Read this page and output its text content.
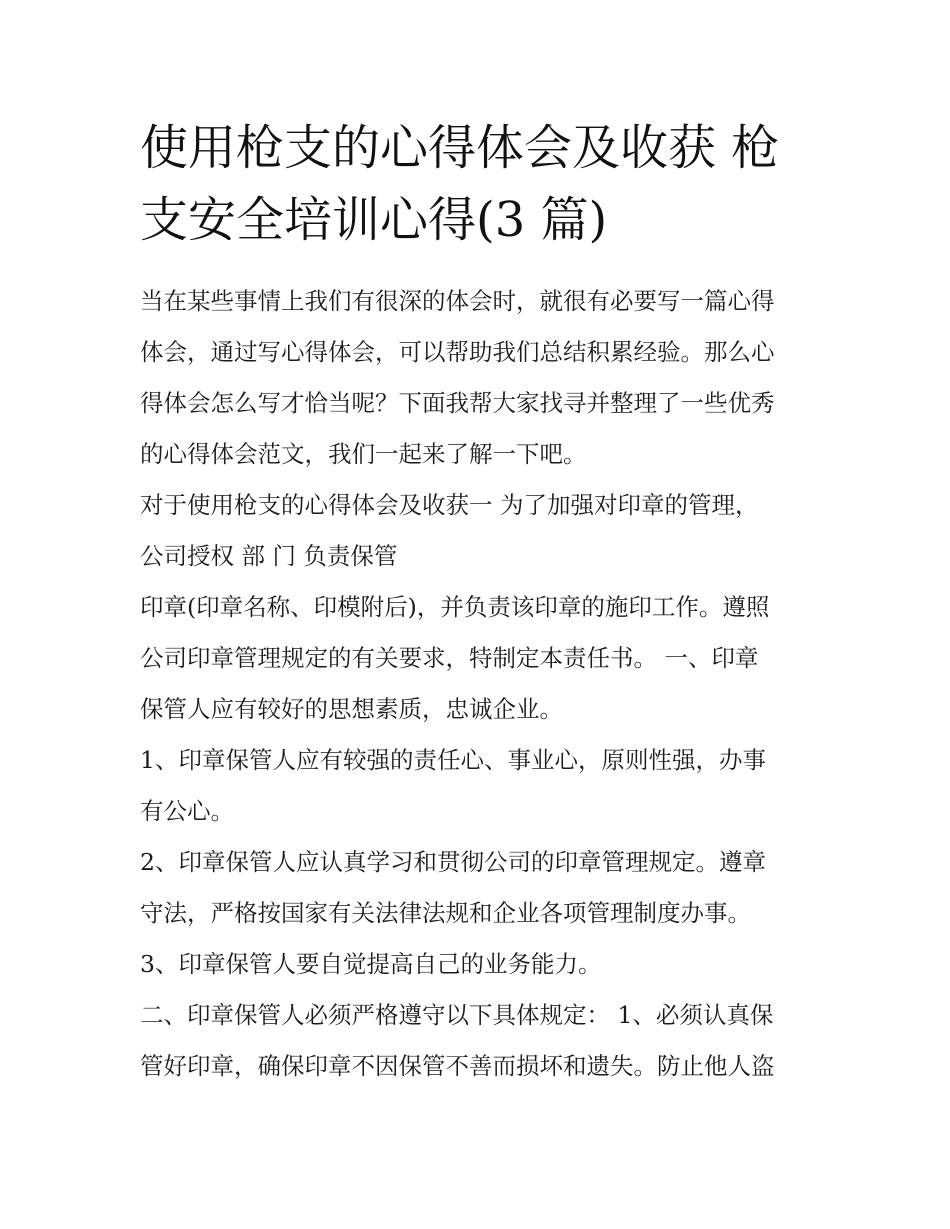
使用枪支的心得体会及收获 枪
支安全培训心得(3 篇)
当在某些事情上我们有很深的体会时，就很有必要写一篇心得
体会，通过写心得体会，可以帮助我们总结积累经验。那么心
得体会怎么写才恰当呢？下面我帮大家找寻并整理了一些优秀
的心得体会范文，我们一起来了解一下吧。
对于使用枪支的心得体会及收获一 为了加强对印章的管理，
公司授权 部 门 负责保管
印章(印章名称、印模附后)，并负责该印章的施印工作。遵照
公司印章管理规定的有关要求，特制定本责任书。 一、印章
保管人应有较好的思想素质，忠诚企业。
1、印章保管人应有较强的责任心、事业心，原则性强，办事
有公心。
2、印章保管人应认真学习和贯彻公司的印章管理规定。遵章
守法，严格按国家有关法律法规和企业各项管理制度办事。
3、印章保管人要自觉提高自己的业务能力。
二、印章保管人必须严格遵守以下具体规定： 1、必须认真保
管好印章，确保印章不因保管不善而损坏和遗失。防止他人盗
